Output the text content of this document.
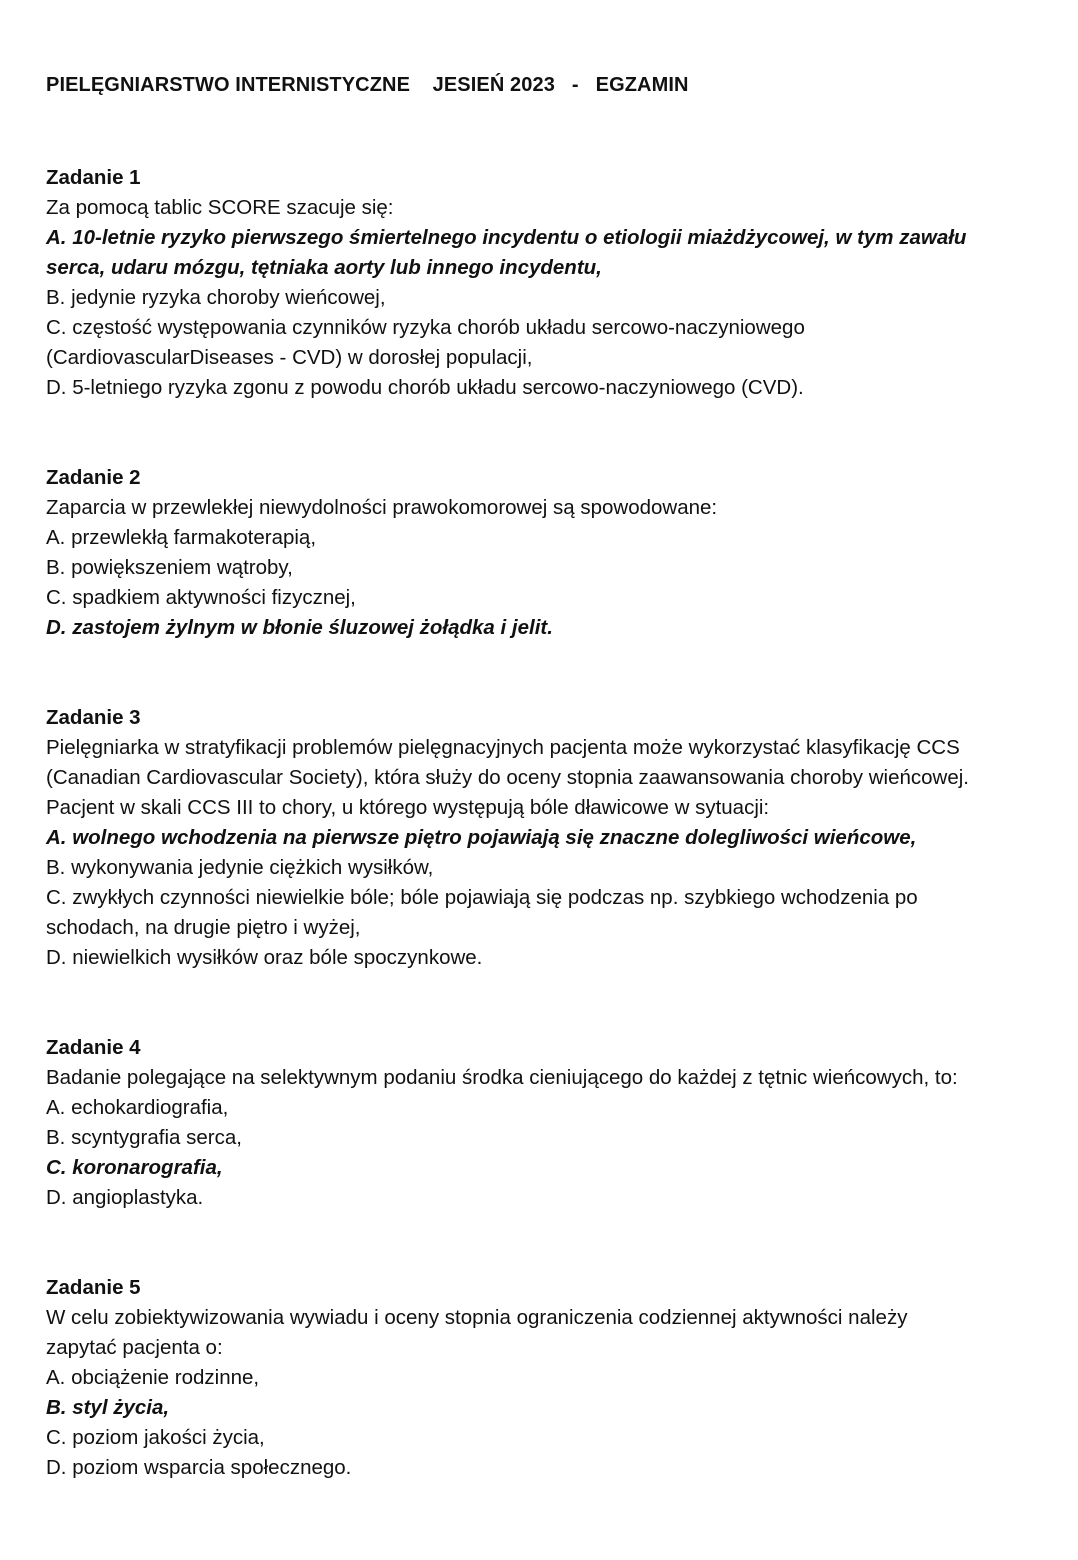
PIELĘGNIARSTWO INTERNISTYCZNE    JESIEŃ 2023   -   EGZAMIN
Zadanie 1
Za pomocą tablic SCORE szacuje się:
A. 10-letnie ryzyko pierwszego śmiertelnego incydentu o etiologii miażdżycowej, w tym zawału
serca, udaru mózgu, tętniaka aorty lub innego incydentu,
B. jedynie ryzyka choroby wieńcowej,
C. częstość występowania czynników ryzyka chorób układu sercowo-naczyniowego
(CardiovascularDiseases - CVD) w dorosłej populacji,
D. 5-letniego ryzyka zgonu z powodu chorób układu sercowo-naczyniowego (CVD).
Zadanie 2
Zaparcia w przewlekłej niewydolności prawokomorowej są spowodowane:
A. przewlekłą farmakoterapią,
B. powiększeniem wątroby,
C. spadkiem aktywności fizycznej,
D. zastojem żylnym w błonie śluzowej żołądka i jelit.
Zadanie 3
Pielęgniarka w stratyfikacji problemów pielęgnacyjnych pacjenta może wykorzystać klasyfikację CCS
(Canadian Cardiovascular Society), która służy do oceny stopnia zaawansowania choroby wieńcowej.
Pacjent w skali CCS III to chory, u którego występują bóle dławicowe w sytuacji:
A. wolnego wchodzenia na pierwsze piętro pojawiają się znaczne dolegliwości wieńcowe,
B. wykonywania jedynie ciężkich wysiłków,
C. zwykłych czynności niewielkie bóle; bóle pojawiają się podczas np. szybkiego wchodzenia po
schodach, na drugie piętro i wyżej,
D. niewielkich wysiłków oraz bóle spoczynkowe.
Zadanie 4
Badanie polegające na selektywnym podaniu środka cieniującego do każdej z tętnic wieńcowych, to:
A. echokardiografia,
B. scyntygrafia serca,
C. koronarografia,
D. angioplastyka.
Zadanie 5
W celu zobiektywizowania wywiadu i oceny stopnia ograniczenia codziennej aktywności należy
zapytać pacjenta o:
A. obciążenie rodzinne,
B. styl życia,
C. poziom jakości życia,
D. poziom wsparcia społecznego.
